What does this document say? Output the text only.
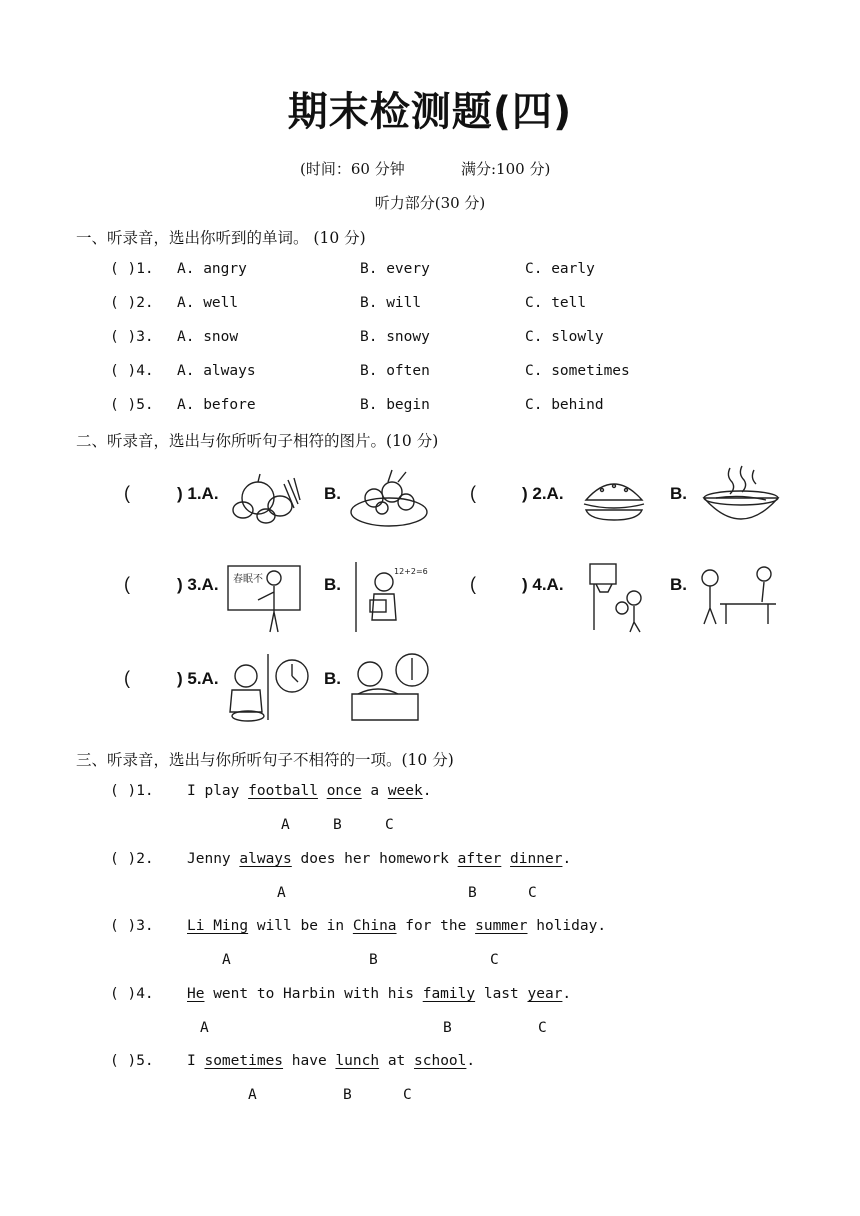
期末检测题(四)
(时间：60 分钟	满分:100 分)
听力部分(30 分)
一、听录音，选出你听到的单词。 (10 分)
( )1. A. angry	B. every	C. early
( )2. A. well	B. will	C. tell
( )3. A. snow	B. snowy	C. slowly
( )4. A. always	B. often	C. sometimes
( )5. A. before	B. begin	C. behind
二、听录音，选出与你所听句子相符的图片。(10 分)
(	) 1.A.	B.	(	) 2.A.	B.
(	) 3.A.	B.	(	) 4.A.	B.
春眠不
12+2=6
(	) 5.A.	B.
三、听录音，选出与你所听句子不相符的一项。(10 分)
( )1. I play football once a week.
A	B	C
( )2. Jenny always does her homework after dinner.
A	B	C
( )3. Li Ming will be in China for the summer holiday.
A	B	C
( )4. He went to Harbin with his family last year.
A	B	C
( )5. I sometimes have lunch at school.
A	B	C
